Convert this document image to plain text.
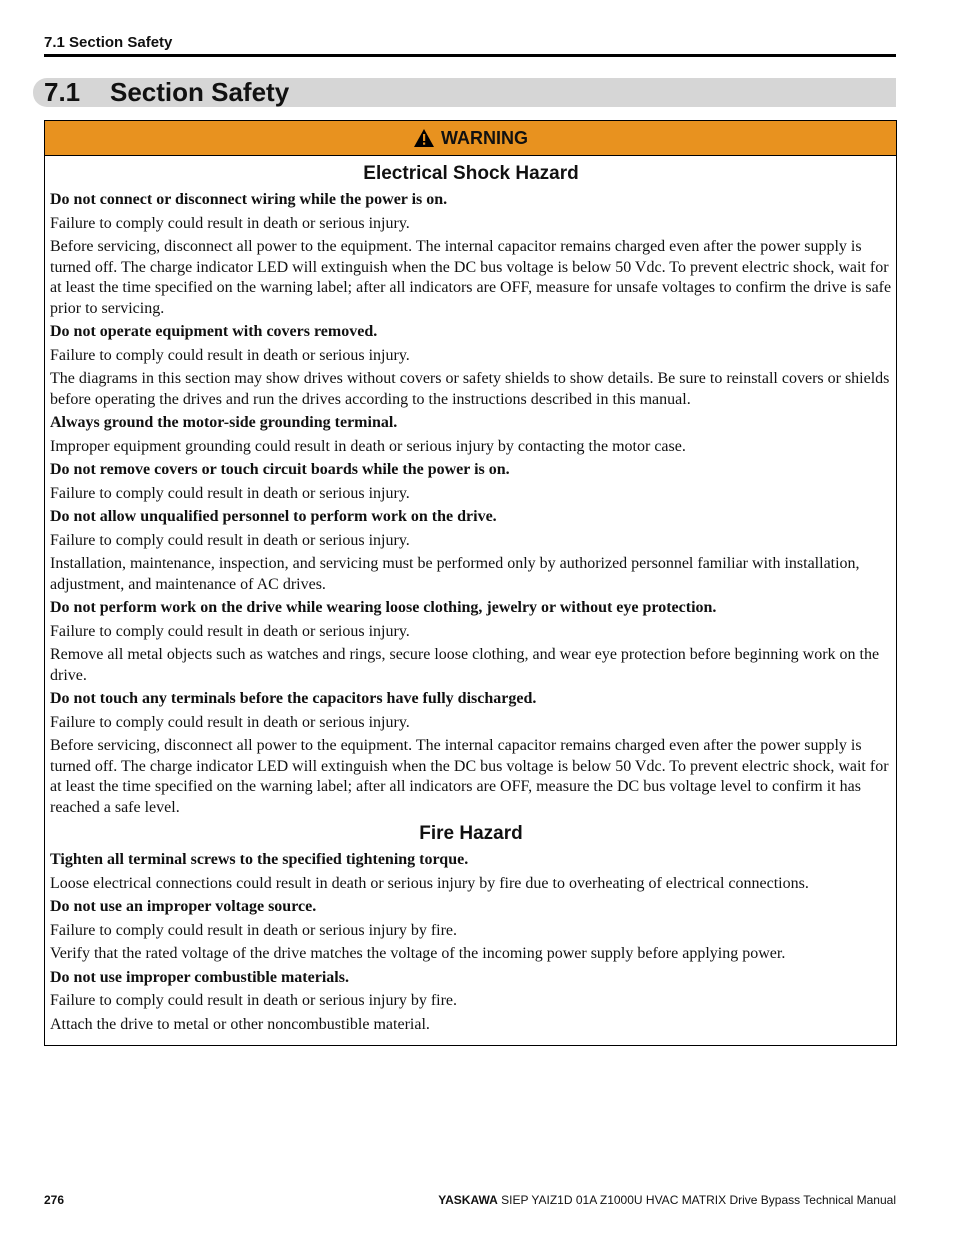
7.1 Section Safety
7.1 Section Safety
WARNING
Electrical Shock Hazard

Do not connect or disconnect wiring while the power is on.

Failure to comply could result in death or serious injury.

Before servicing, disconnect all power to the equipment. The internal capacitor remains charged even after the power supply is turned off. The charge indicator LED will extinguish when the DC bus voltage is below 50 Vdc. To prevent electric shock, wait for at least the time specified on the warning label; after all indicators are OFF, measure for unsafe voltages to confirm the drive is safe prior to servicing.

Do not operate equipment with covers removed.

Failure to comply could result in death or serious injury.

The diagrams in this section may show drives without covers or safety shields to show details. Be sure to reinstall covers or shields before operating the drives and run the drives according to the instructions described in this manual.

Always ground the motor-side grounding terminal.

Improper equipment grounding could result in death or serious injury by contacting the motor case.

Do not remove covers or touch circuit boards while the power is on.

Failure to comply could result in death or serious injury.

Do not allow unqualified personnel to perform work on the drive.

Failure to comply could result in death or serious injury.

Installation, maintenance, inspection, and servicing must be performed only by authorized personnel familiar with installation, adjustment, and maintenance of AC drives.

Do not perform work on the drive while wearing loose clothing, jewelry or without eye protection.

Failure to comply could result in death or serious injury.

Remove all metal objects such as watches and rings, secure loose clothing, and wear eye protection before beginning work on the drive.

Do not touch any terminals before the capacitors have fully discharged.

Failure to comply could result in death or serious injury.

Before servicing, disconnect all power to the equipment. The internal capacitor remains charged even after the power supply is turned off. The charge indicator LED will extinguish when the DC bus voltage is below 50 Vdc. To prevent electric shock, wait for at least the time specified on the warning label; after all indicators are OFF, measure the DC bus voltage level to confirm it has reached a safe level.

Fire Hazard

Tighten all terminal screws to the specified tightening torque.

Loose electrical connections could result in death or serious injury by fire due to overheating of electrical connections.

Do not use an improper voltage source.

Failure to comply could result in death or serious injury by fire.

Verify that the rated voltage of the drive matches the voltage of the incoming power supply before applying power.

Do not use improper combustible materials.

Failure to comply could result in death or serious injury by fire.

Attach the drive to metal or other noncombustible material.

276	YASKAWA SIEP YAIZ1D 01A Z1000U HVAC MATRIX Drive Bypass Technical Manual
